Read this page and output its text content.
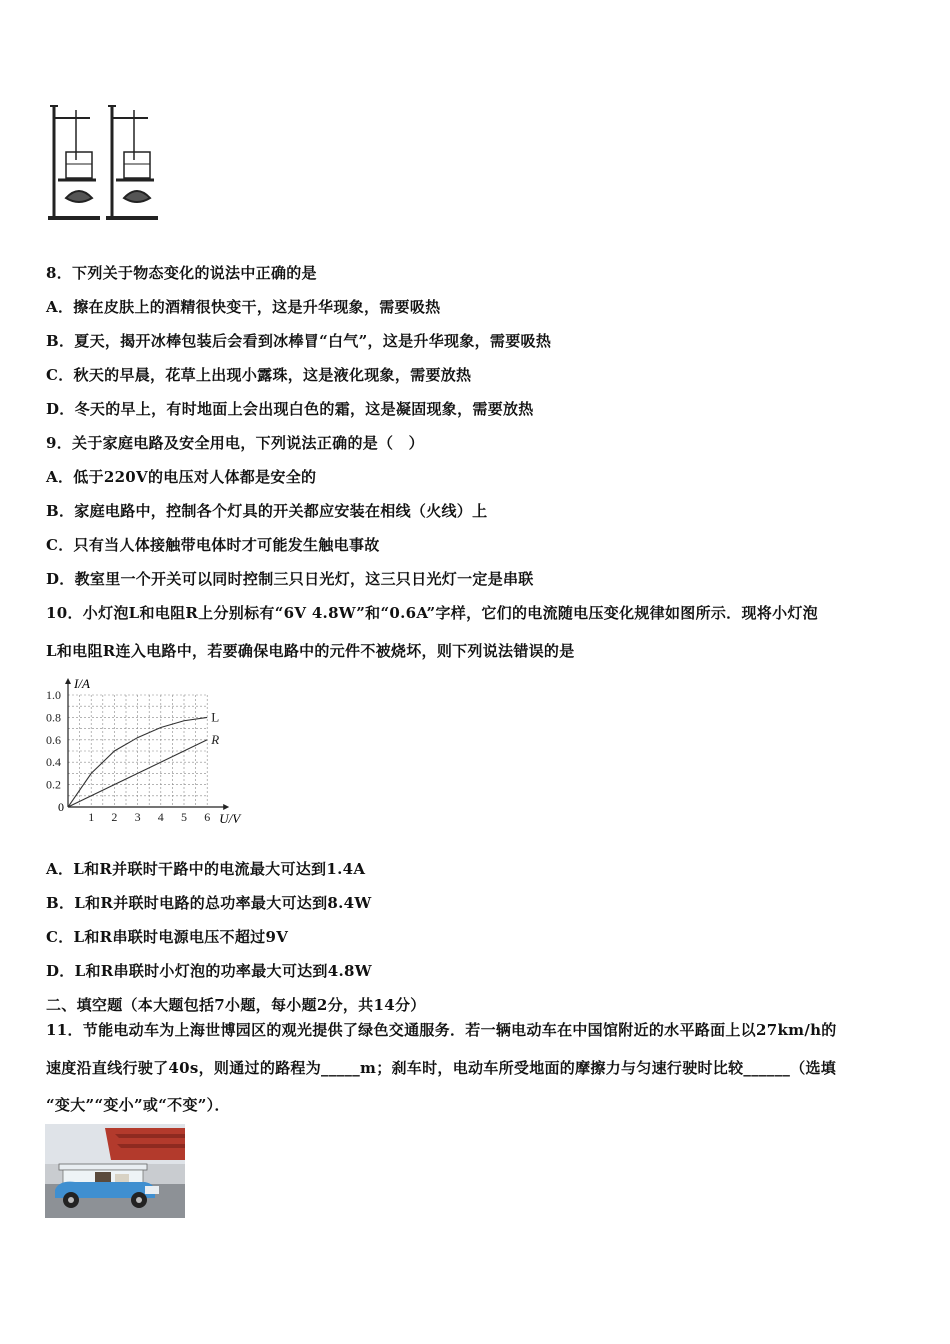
8．下列关于物态变化的说法中正确的是
A．擦在皮肤上的酒精很快变干，这是升华现象，需要吸热
B．夏天，揭开冰棒包装后会看到冰棒冒“白气”，这是升华现象，需要吸热
C．秋天的早晨，花草上出现小露珠，这是液化现象，需要放热
D．冬天的早上，有时地面上会出现白色的霜，这是凝固现象，需要放热
9．关于家庭电路及安全用电，下列说法正确的是（　）
A．低于220V的电压对人体都是安全的
B．家庭电路中，控制各个灯具的开关都应安装在相线（火线）上
C．只有当人体接触带电体时才可能发生触电事故
D．教室里一个开关可以同时控制三只日光灯，这三只日光灯一定是串联
10．小灯泡L和电阻R上分别标有“6V 4.8W”和“0.6A”字样，它们的电流随电压变化规律如图所示．现将小灯泡
L和电阻R连入电路中，若要确保电路中的元件不被烧坏，则下列说法错误的是
1 2 3 4 5 6
0.2
0.4
0.6
0.8
1.0
L
R
I/A
U/V
0
A．L和R并联时干路中的电流最大可达到1.4A
B．L和R并联时电路的总功率最大可达到8.4W
C．L和R串联时电源电压不超过9V
D．L和R串联时小灯泡的功率最大可达到4.8W
二、填空题（本大题包括7小题，每小题2分，共14分）
11．节能电动车为上海世博园区的观光提供了绿色交通服务．若一辆电动车在中国馆附近的水平路面上以27km/h的
速度沿直线行驶了40s，则通过的路程为_____m；刹车时，电动车所受地面的摩擦力与匀速行驶时比较______（选填
“变大”“变小”或“不变”）．
